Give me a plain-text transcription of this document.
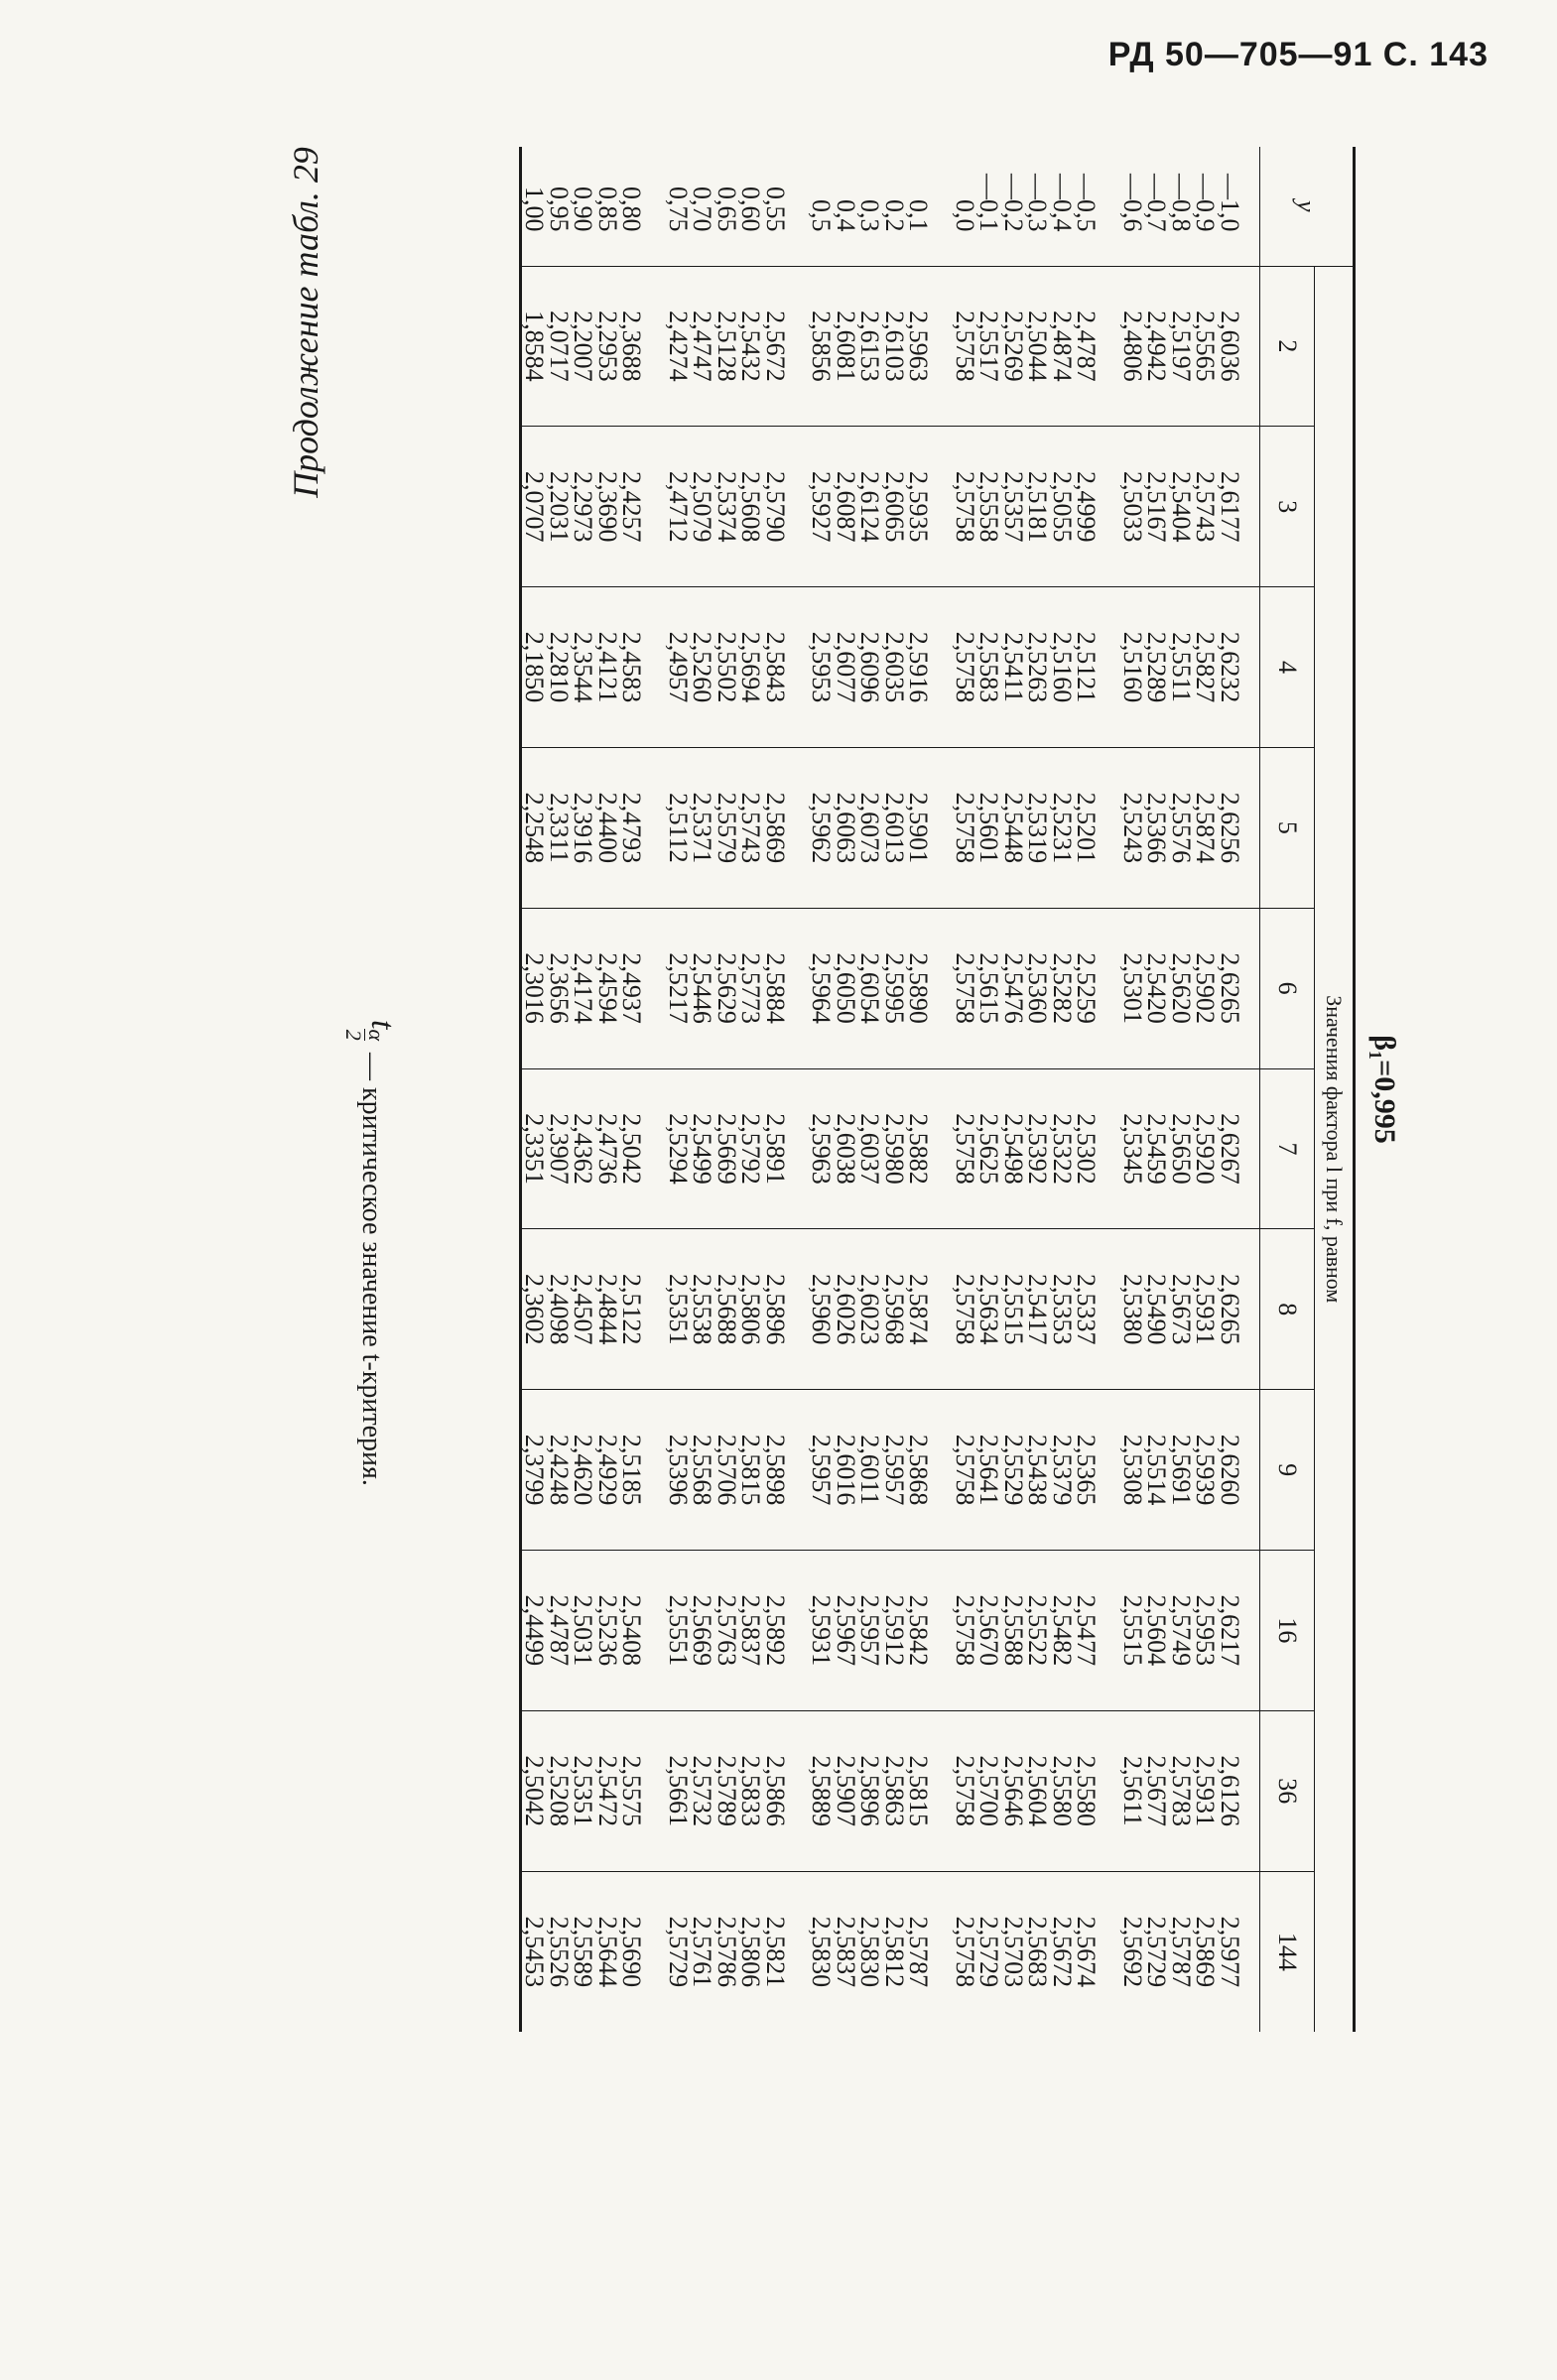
РД 50—705—91 С. 143
Продолжение табл. 29
β₁=0,995
y	Значения фактора l при f, равном										
	2	3	4	5	6	7	8	9	16	36	144
—1,0	2,6036	2,6177	2,6232	2,6256	2,6265	2,6267	2,6265	2,6260	2,6217	2,6126	2,5977
—0,9	2,5565	2,5743	2,5827	2,5874	2,5902	2,5920	2,5931	2,5939	2,5953	2,5931	2,5869
—0,8	2,5197	2,5404	2,5511	2,5576	2,5620	2,5650	2,5673	2,5691	2,5749	2,5783	2,5787
—0,7	2,4942	2,5167	2,5289	2,5366	2,5420	2,5459	2,5490	2,5514	2,5604	2,5677	2,5729
—0,6	2,4806	2,5033	2,5160	2,5243	2,5301	2,5345	2,5380	2,5308	2,5515	2,5611	2,5692
—0,5	2,4787	2,4999	2,5121	2,5201	2,5259	2,5302	2,5337	2,5365	2,5477	2,5580	2,5674
—0,4	2,4874	2,5055	2,5160	2,5231	2,5282	2,5322	2,5353	2,5379	2,5482	2,5580	2,5672
—0,3	2,5044	2,5181	2,5263	2,5319	2,5360	2,5392	2,5417	2,5438	2,5522	2,5604	2,5683
—0,2	2,5269	2,5357	2,5411	2,5448	2,5476	2,5498	2,5515	2,5529	2,5588	2,5646	2,5703
—0,1	2,5517	2,5558	2,5583	2,5601	2,5615	2,5625	2,5634	2,5641	2,5670	2,5700	2,5729
0,0	2,5758	2,5758	2,5758	2,5758	2,5758	2,5758	2,5758	2,5758	2,5758	2,5758	2,5758
0,1	2,5963	2,5935	2,5916	2,5901	2,5890	2,5882	2,5874	2,5868	2,5842	2,5815	2,5787
0,2	2,6103	2,6065	2,6035	2,6013	2,5995	2,5980	2,5968	2,5957	2,5912	2,5863	2,5812
0,3	2,6153	2,6124	2,6096	2,6073	2,6054	2,6037	2,6023	2,6011	2,5957	2,5896	2,5830
0,4	2,6081	2,6087	2,6077	2,6063	2,6050	2,6038	2,6026	2,6016	2,5967	2,5907	2,5837
0,5	2,5856	2,5927	2,5953	2,5962	2,5964	2,5963	2,5960	2,5957	2,5931	2,5889	2,5830
0,55	2,5672	2,5790	2,5843	2,5869	2,5884	2,5891	2,5896	2,5898	2,5892	2,5866	2,5821
0,60	2,5432	2,5608	2,5694	2,5743	2,5773	2,5792	2,5806	2,5815	2,5837	2,5833	2,5806
0,65	2,5128	2,5374	2,5502	2,5579	2,5629	2,5669	2,5688	2,5706	2,5763	2,5789	2,5786
0,70	2,4747	2,5079	2,5260	2,5371	2,5446	2,5499	2,5538	2,5568	2,5669	2,5732	2,5761
0,75	2,4274	2,4712	2,4957	2,5112	2,5217	2,5294	2,5351	2,5396	2,5551	2,5661	2,5729
0,80	2,3688	2,4257	2,4583	2,4793	2,4937	2,5042	2,5122	2,5185	2,5408	2,5575	2,5690
0,85	2,2953	2,3690	2,4121	2,4400	2,4594	2,4736	2,4844	2,4929	2,5236	2,5472	2,5644
0,90	2,2007	2,2973	2,3544	2,3916	2,4174	2,4362	2,4507	2,4620	2,5031	2,5351	2,5589
0,95	2,0717	2,2031	2,2810	2,3311	2,3656	2,3907	2,4098	2,4248	2,4787	2,5208	2,5526
1,00	1,8584	2,0707	2,1850	2,2548	2,3016	2,3351	2,3602	2,3799	2,4499	2,5042	2,5453
t
α
2
— критическое значение t-критерия.
